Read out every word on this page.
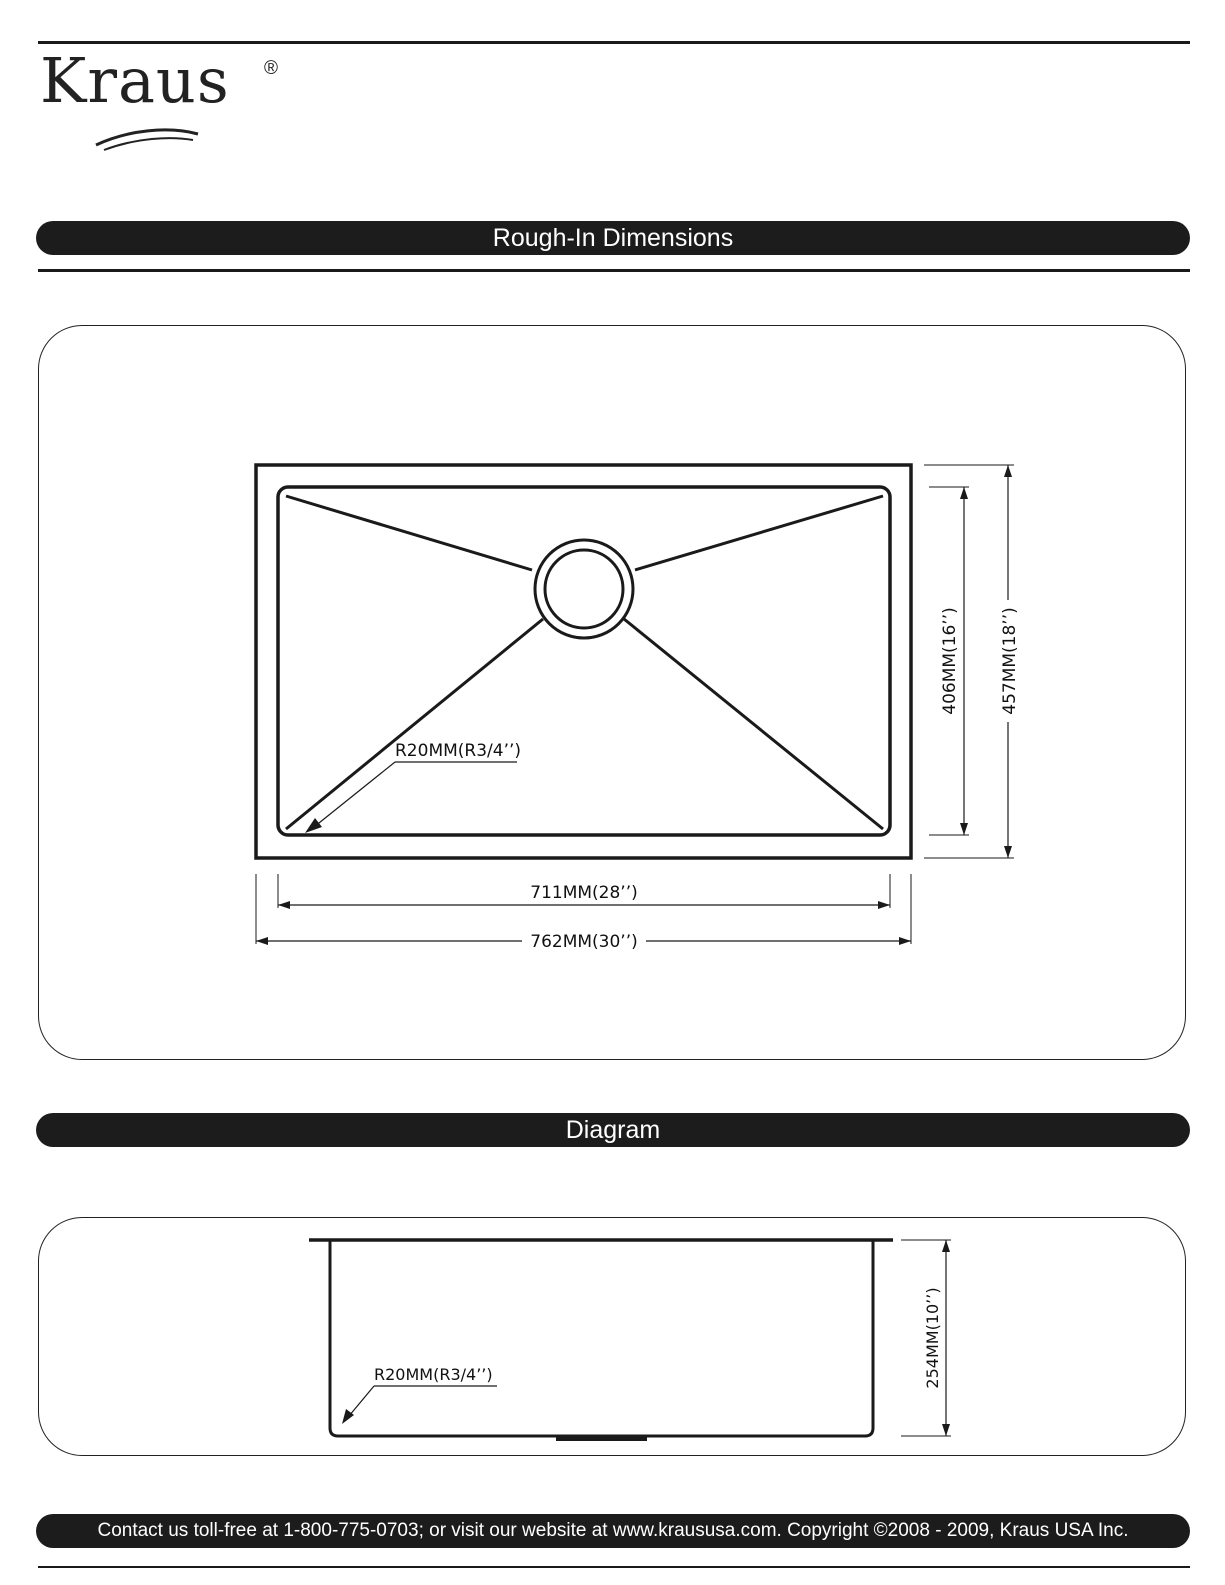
Kraus ®
Rough-In Dimensions
R20MM(R3/4’’)
711MM(28’’)
762MM(30’’)
406MM(16’’) 457MM(18’’)
Diagram
R20MM(R3/4’’)	254MM(10’’)
Contact us toll-free at 1-800-775-0703; or visit our website at www.kraususa.com. Copyright ©2008 - 2009, Kraus USA Inc.
